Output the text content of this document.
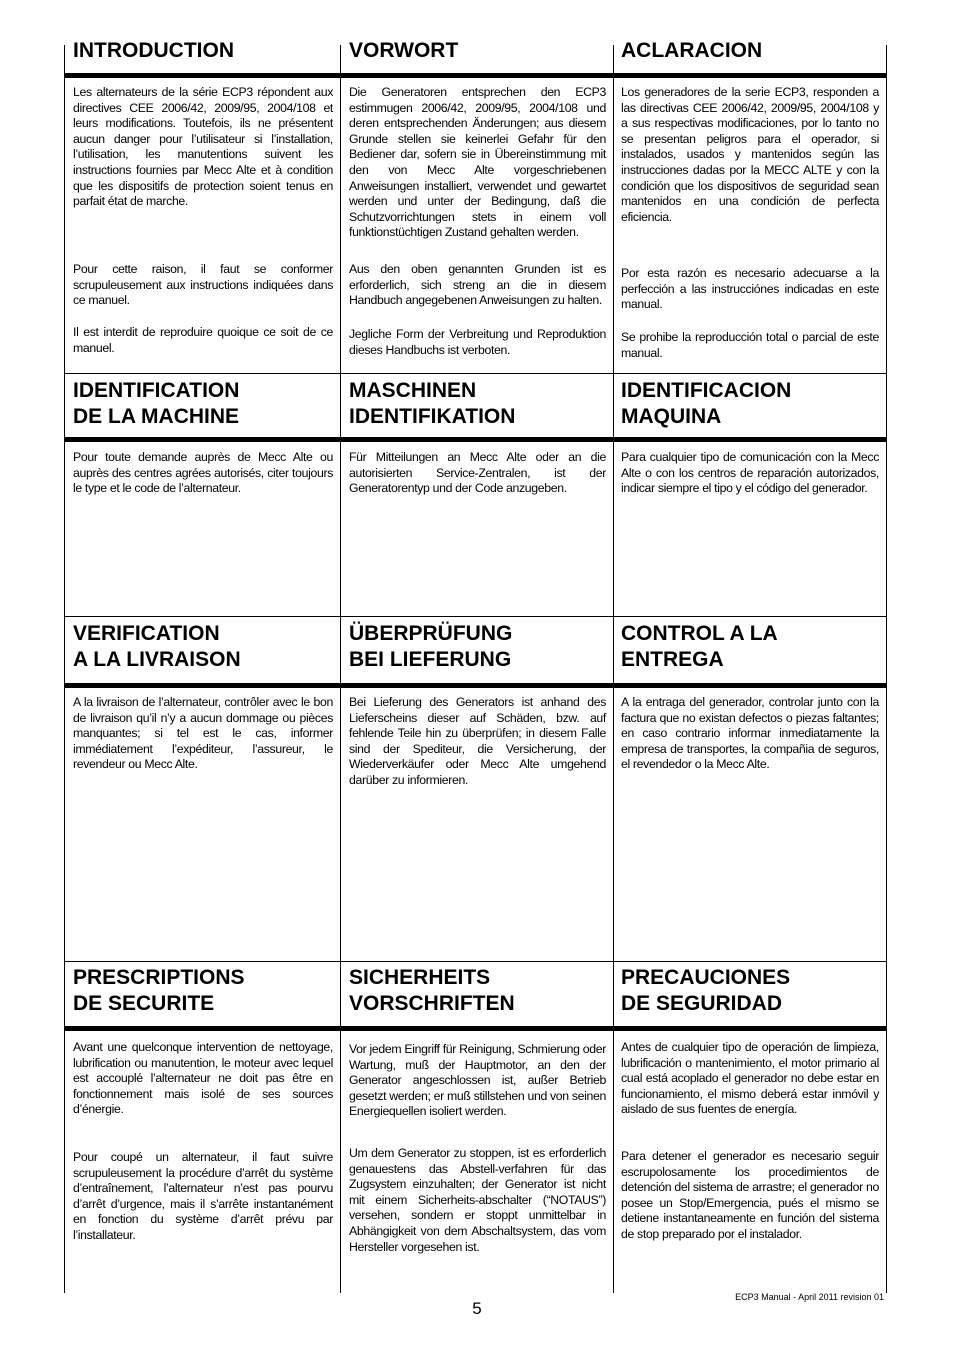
INTRODUCTION	VORWORT	ACLARACION
Les alternateurs de la série ECP3 répondent aux directives CEE 2006/42, 2009/95, 2004/108 et leurs modifications. Toutefois, ils ne présentent aucun danger pour l’utilisateur si l’installation, l’utilisation, les manutentions suivent les instructions fournies par Mecc Alte et à condition que les dispositifs de protection soient tenus en parfait état de marche.
Pour cette raison, il faut se conformer scrupuleusement aux instructions indiquées dans ce manuel.
Il est interdit de reproduire quoique ce soit de ce manuel.
Die Generatoren entsprechen den ECP3 estimmugen 2006/42, 2009/95, 2004/108 und deren entsprechenden Änderungen; aus diesem Grunde stellen sie keinerlei Gefahr für den Bediener dar, sofern sie in Übereinstimmung mit den von Mecc Alte vorgeschriebenen Anweisungen installiert, verwendet und gewartet werden und unter der Bedingung, daß die Schutzvorrichtungen stets in einem voll funktionstüchtigen Zustand gehalten werden.
Aus den oben genannten Grunden ist es erforderlich, sich streng an die in diesem Handbuch angegebenen Anweisungen zu halten.
Jegliche Form der Verbreitung und Reproduktion dieses Handbuchs ist verboten.
Los generadores de la serie ECP3, responden a las directivas CEE 2006/42, 2009/95, 2004/108 y a sus respectivas modificaciones, por lo tanto no se presentan peligros para el operador, si instalados, usados y mantenidos según las instrucciones dadas por la MECC ALTE y con la condición que los dispositivos de seguridad sean mantenidos en una condición de perfecta eficiencia.
Por esta razón es necesario adecuarse a la perfección a las instrucciónes indicadas en este manual.
Se prohibe la reproducción total o parcial de este manual.
IDENTIFICATION
DE LA MACHINE
MASCHINEN
IDENTIFIKATION
IDENTIFICACION
MAQUINA
Pour toute demande auprès de Mecc Alte ou auprès des centres agrées autorisés, citer toujours le type et le code de l’alternateur.
Für Mitteilungen an Mecc Alte oder an die autorisierten Service-Zentralen, ist der Generatorentyp und der Code anzugeben.
Para cualquier tipo de comunicación con la Mecc Alte o con los centros de reparación autorizados, indicar siempre el tipo y el código del generador.
VERIFICATION
A LA LIVRAISON
ÜBERPRÜFUNG
BEI LIEFERUNG
CONTROL A LA
ENTREGA
A la livraison de l’alternateur, contrôler avec le bon de livraison qu’il n’y a aucun dommage ou pièces manquantes; si tel est le cas, informer immédiatement l’expéditeur, l’assureur, le revendeur ou Mecc Alte.
Bei Lieferung des Generators ist anhand des Lieferscheins dieser auf Schäden, bzw. auf fehlende Teile hin zu überprüfen; in diesem Falle sind der Spediteur, die Versicherung, der Wiederverkäufer oder Mecc Alte umgehend darüber zu informieren.
A la entraga del generador, controlar junto con la factura que no existan defectos o piezas faltantes; en caso contrario informar inmediatamente la empresa de transportes, la compañia de seguros, el revendedor o la Mecc Alte.
PRESCRIPTIONS
DE SECURITE
SICHERHEITS
VORSCHRIFTEN
PRECAUCIONES
DE SEGURIDAD
Avant une quelconque intervention de nettoyage, lubrification ou manutention, le moteur avec lequel est accouplé l’alternateur ne doit pas être en fonctionnement mais isolé de ses sources d’énergie.
Pour coupé un alternateur, il faut suivre scrupuleusement la procédure d’arrêt du système d’entraînement, l’alternateur n’est pas pourvu d’arrêt d’urgence, mais il s’arrête instantanément en fonction du système d’arrêt prévu par l’installateur.
Vor jedem Eingriff für Reinigung, Schmierung oder Wartung, muß der Hauptmotor, an den der Generator angeschlossen ist, außer Betrieb gesetzt werden; er muß stillstehen und von seinen Energiequellen isoliert werden.
Um dem Generator zu stoppen, ist es erforderlich genauestens das Abstell-verfahren für das Zugsystem einzuhalten; der Generator ist nicht mit einem Sicherheits-abschalter (“NOTAUS”) versehen, sondern er stoppt unmittelbar in Abhängigkeit von dem Abschaltsystem, das vom Hersteller vorgesehen ist.
Antes de cualquier tipo de operación de limpieza, lubrificación o mantenimiento, el motor primario al cual está acoplado el generador no debe estar en funcionamiento, el mismo deberá estar inmóvil y aislado de sus fuentes de energía.
Para detener el generador es necesario seguir escrupolosamente los procedimientos de detención del sistema de arrastre; el generador no posee un Stop/Emergencia, pués el mismo se detiene instantaneamente en función del sistema de stop preparado por el instalador.
5
ECP3 Manual - April 2011 revision 01
